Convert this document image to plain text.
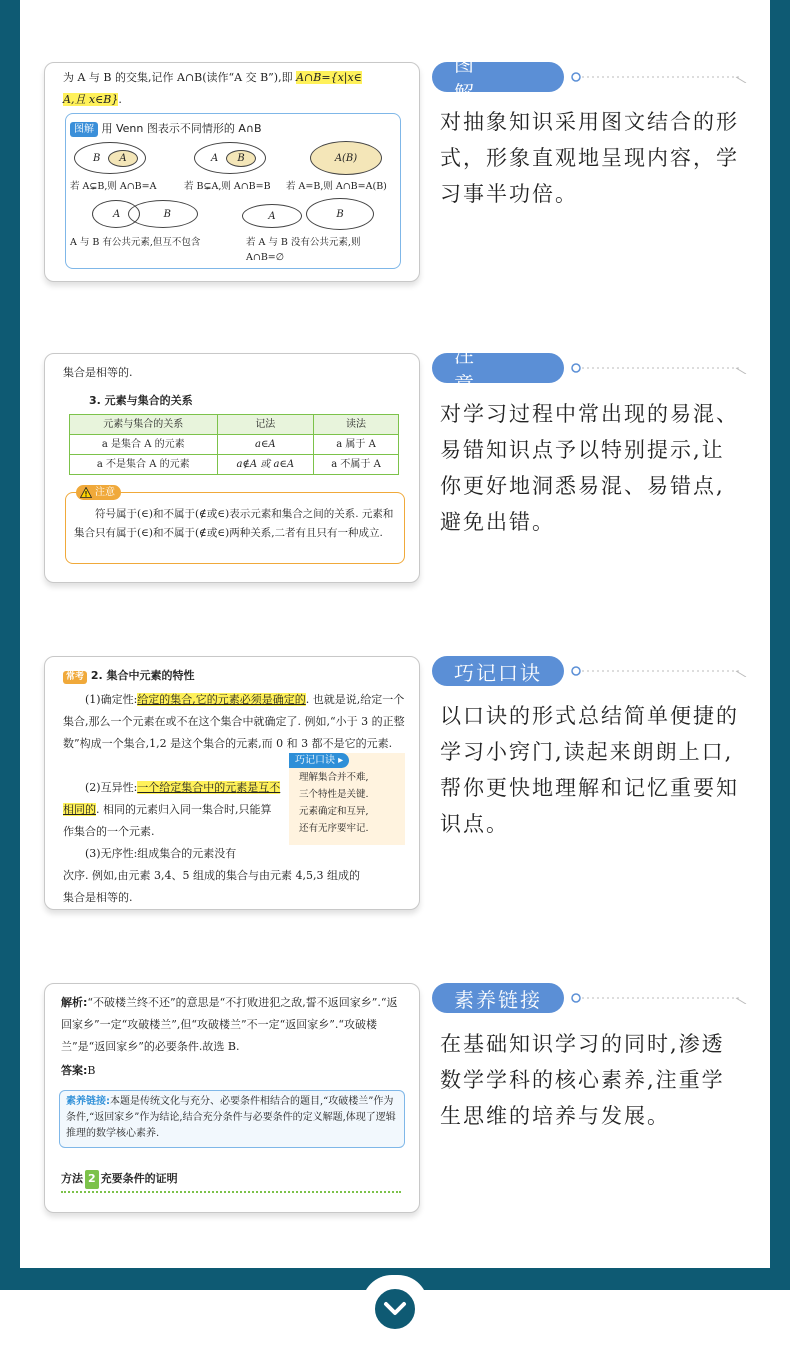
为 A 与 B 的交集,记作 A∩B(读作“A 交 B”),即 A∩B={x|x∈
A,且 x∈B}.
图解 用 Venn 图表示不同情形的 A∩B
B A	A B	A(B)
若 A⊊B,则 A∩B=A	若 B⊊A,则 A∩B=B 若 A=B,则 A∩B=A(B)
A	B	A	B
A 与 B 有公共元素,但互不包含	若 A 与 B 没有公共元素,则
A∩B=∅
图 解
对抽象知识采用图文结合的形式，形象直观地呈现内容，学习事半功倍。
集合是相等的.
3. 元素与集合的关系
元素与集合的关系	记法	读法
a 是集合 A 的元素	a∈A	a 属于 A
a 不是集合 A 的元素	a∉A 或 a∈A	a 不属于 A
注意
符号属于(∈)和不属于(∉或∈)表示元素和集合之间的关系. 元素和集合只有属于(∈)和不属于(∉或∈)两种关系,二者有且只有一种成立.
注 意
对学习过程中常出现的易混、易错知识点予以特别提示,让你更好地洞悉易混、易错点,避免出错。
常考 2. 集合中元素的特性
(1)确定性:给定的集合,它的元素必须是确定的. 也就是说,给定一个集合,那么一个元素在或不在这个集合中就确定了. 例如,“小于 3 的正整数”构成一个集合,1,2 是这个集合的元素,而 0 和 3 都不是它的元素.
(2)互异性:一个给定集合中的元素是互不相同的. 相同的元素归入同一集合时,只能算作集合的一个元素.
(3)无序性:组成集合的元素没有
次序. 例如,由元素 3,4、5 组成的集合与由元素 4,5,3 组成的
集合是相等的.
巧记口诀 ▸
理解集合并不难,
三个特性是关键.
元素确定和互异,
还有无序要牢记.
巧记口诀
以口诀的形式总结简单便捷的学习小窍门,读起来朗朗上口,帮你更快地理解和记忆重要知识点。
解析:“不破楼兰终不还”的意思是“不打败进犯之敌,誓不返回家乡”.“返回家乡”一定“攻破楼兰”,但“攻破楼兰”不一定“返回家乡”.“攻破楼兰”是“返回家乡”的必要条件.故选 B.
答案:B
素养链接:本题是传统文化与充分、必要条件相结合的题目,“攻破楼兰”作为条件,“返回家乡”作为结论,结合充分条件与必要条件的定义解题,体现了逻辑推理的数学核心素养.
方法 2 充要条件的证明
素养链接
在基础知识学习的同时,渗透数学学科的核心素养,注重学生思维的培养与发展。
